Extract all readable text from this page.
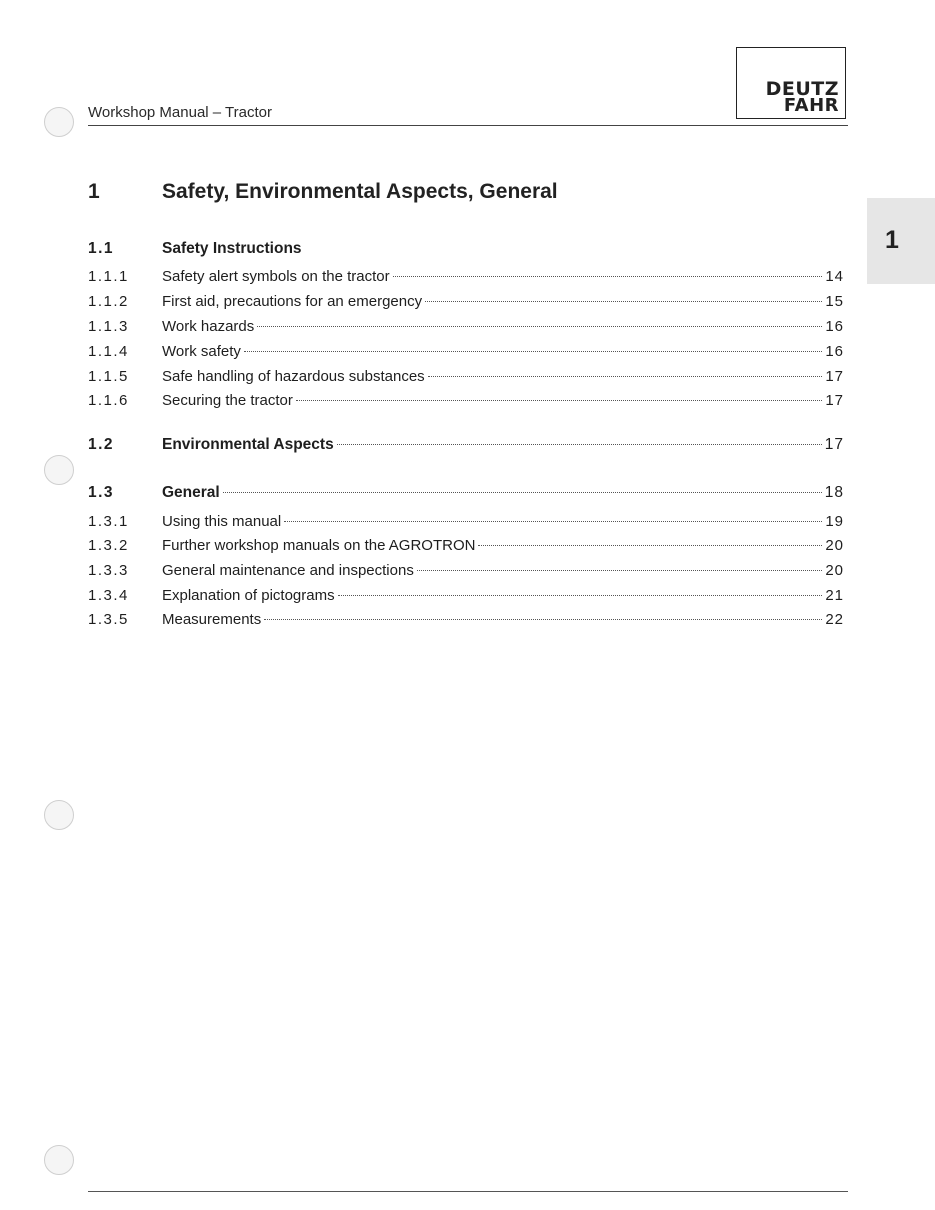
Workshop Manual – Tractor
DEUTZ
FAHR
1
1	Safety, Environmental Aspects, General
1.1	Safety Instructions
1.1.1 Safety alert symbols on the tractor	14
1.1.2 First aid, precautions for an emergency	15
1.1.3 Work hazards	16
1.1.4 Work safety	16
1.1.5 Safe handling of hazardous substances	17
1.1.6 Securing the tractor	17
1.2	Environmental Aspects	17
1.3	General	18
1.3.1 Using this manual	19
1.3.2 Further workshop manuals on the AGROTRON	20
1.3.3 General maintenance and inspections	20
1.3.4 Explanation of pictograms	21
1.3.5 Measurements	22
